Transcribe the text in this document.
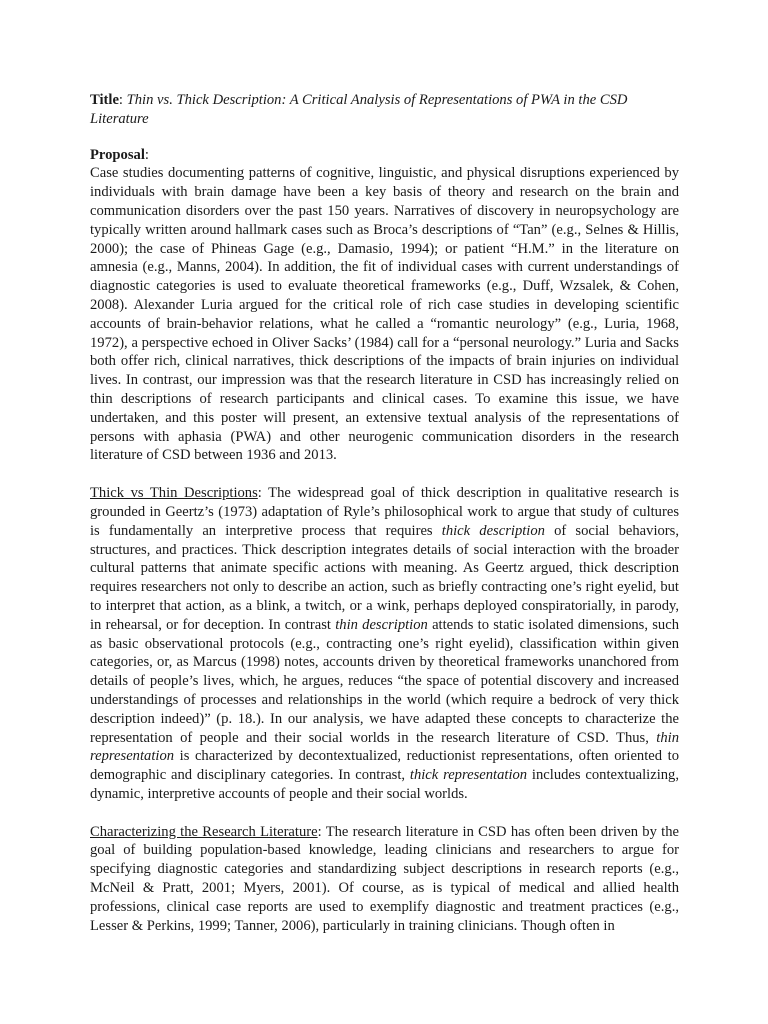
Title: Thin vs. Thick Description: A Critical Analysis of Representations of PWA in the CSD Literature

Proposal:

Case studies documenting patterns of cognitive, linguistic, and physical disruptions experienced by individuals with brain damage have been a key basis of theory and research on the brain and communication disorders over the past 150 years. Narratives of discovery in neuropsychology are typically written around hallmark cases such as Broca’s descriptions of “Tan” (e.g., Selnes & Hillis, 2000); the case of Phineas Gage (e.g., Damasio, 1994); or patient “H.M.” in the literature on amnesia (e.g., Manns, 2004). In addition, the fit of individual cases with current understandings of diagnostic categories is used to evaluate theoretical frameworks (e.g., Duff, Wzsalek, & Cohen, 2008). Alexander Luria argued for the critical role of rich case studies in developing scientific accounts of brain-behavior relations, what he called a “romantic neurology” (e.g., Luria, 1968, 1972), a perspective echoed in Oliver Sacks’ (1984) call for a “personal neurology.” Luria and Sacks both offer rich, clinical narratives, thick descriptions of the impacts of brain injuries on individual lives. In contrast, our impression was that the research literature in CSD has increasingly relied on thin descriptions of research participants and clinical cases. To examine this issue, we have undertaken, and this poster will present, an extensive textual analysis of the representations of persons with aphasia (PWA) and other neurogenic communication disorders in the research literature of CSD between 1936 and 2013.

Thick vs Thin Descriptions: The widespread goal of thick description in qualitative research is grounded in Geertz’s (1973) adaptation of Ryle’s philosophical work to argue that study of cultures is fundamentally an interpretive process that requires thick description of social behaviors, structures, and practices. Thick description integrates details of social interaction with the broader cultural patterns that animate specific actions with meaning. As Geertz argued, thick description requires researchers not only to describe an action, such as briefly contracting one’s right eyelid, but to interpret that action, as a blink, a twitch, or a wink, perhaps deployed conspiratorially, in parody, in rehearsal, or for deception. In contrast thin description attends to static isolated dimensions, such as basic observational protocols (e.g., contracting one’s right eyelid), classification within given categories, or, as Marcus (1998) notes, accounts driven by theoretical frameworks unanchored from details of people’s lives, which, he argues, reduces “the space of potential discovery and increased understandings of processes and relationships in the world (which require a bedrock of very thick description indeed)” (p. 18.). In our analysis, we have adapted these concepts to characterize the representation of people and their social worlds in the research literature of CSD. Thus, thin representation is characterized by decontextualized, reductionist representations, often oriented to demographic and disciplinary categories. In contrast, thick representation includes contextualizing, dynamic, interpretive accounts of people and their social worlds.

Characterizing the Research Literature: The research literature in CSD has often been driven by the goal of building population-based knowledge, leading clinicians and researchers to argue for specifying diagnostic categories and standardizing subject descriptions in research reports (e.g., McNeil & Pratt, 2001; Myers, 2001). Of course, as is typical of medical and allied health professions, clinical case reports are used to exemplify diagnostic and treatment practices (e.g., Lesser & Perkins, 1999; Tanner, 2006), particularly in training clinicians. Though often in
